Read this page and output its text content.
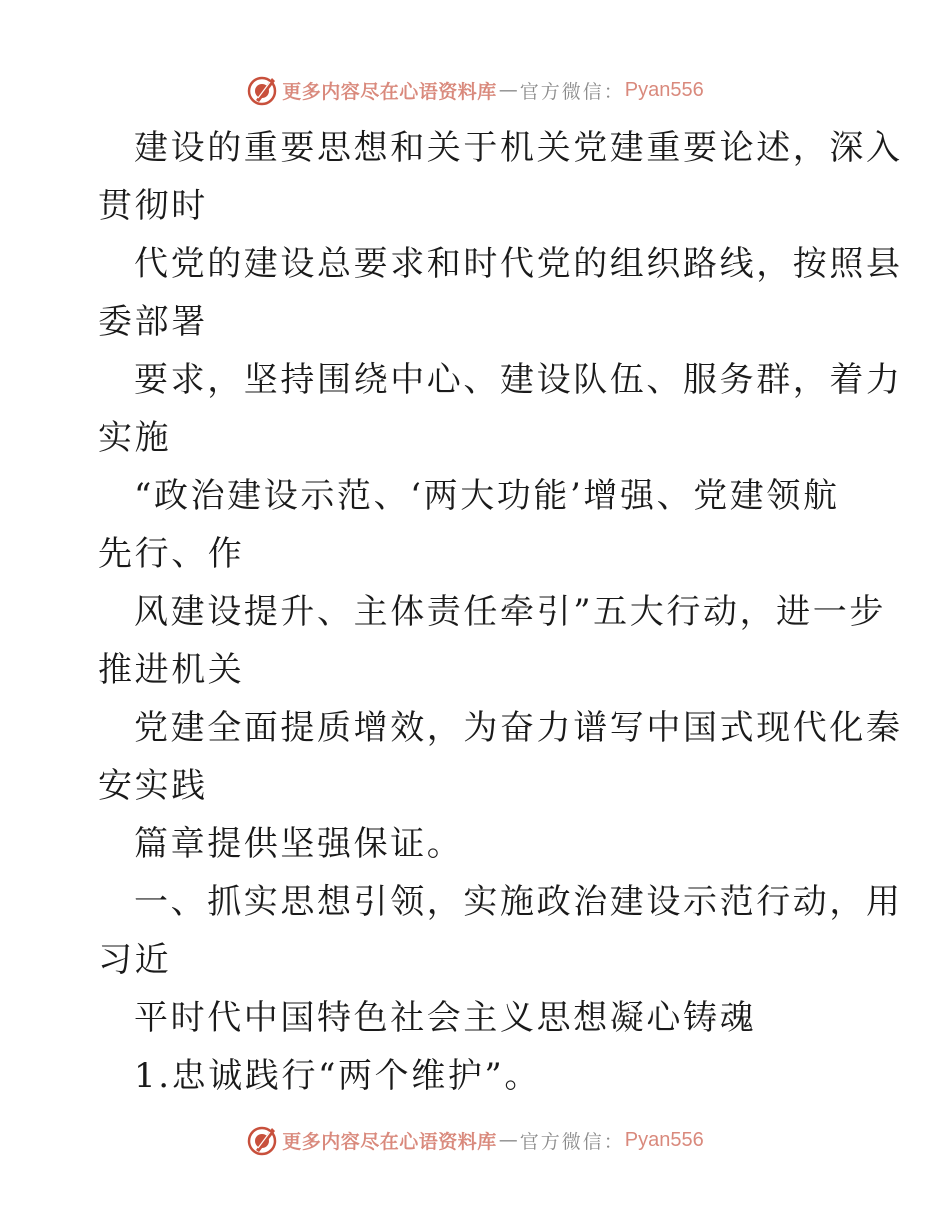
更多内容尽在心语资料库 — 官方微信： Pyan556
建设的重要思想和关于机关党建重要论述，深入
贯彻时
代党的建设总要求和时代党的组织路线，按照县
委部署
要求，坚持围绕中心、建设队伍、服务群，着力
实施
“政治建设示范、‘两大功能’增强、党建领航
先行、作
风建设提升、主体责任牵引”五大行动，进一步
推进机关
党建全面提质增效，为奋力谱写中国式现代化秦
安实践
篇章提供坚强保证。
一、抓实思想引领，实施政治建设示范行动，用
习近
平时代中国特色社会主义思想凝心铸魂
1.忠诚践行“两个维护”。
更多内容尽在心语资料库 — 官方微信： Pyan556
